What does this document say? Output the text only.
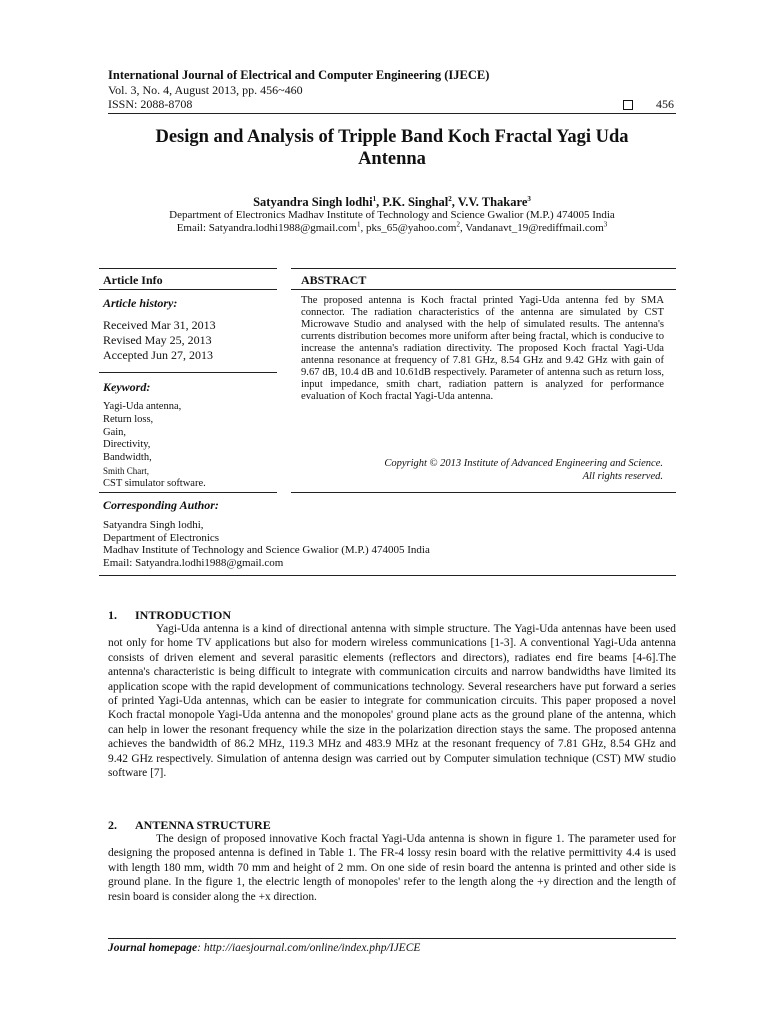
International Journal of Electrical and Computer Engineering (IJECE)
Vol. 3, No. 4, August 2013, pp. 456~460
ISSN: 2088-8708	456
Design and Analysis of Tripple Band Koch Fractal Yagi Uda
Antenna
Satyandra Singh lodhi$^1$, P.K. Singhal$^2$, V.V. Thakare$^3$
Department of Electronics Madhav Institute of Technology and Science Gwalior (M.P.) 474005 India
Email: Satyandra.lodhi1988@gmail.com$^1$, pks_65@yahoo.com$^2$, Vandanavt_19@rediffmail.com$^3$
Article Info	ABSTRACT
Article history:
Received Mar 31, 2013
Revised May 25, 2013
Accepted Jun 27, 2013
Keyword:
Yagi-Uda antenna,
Return loss,
Gain,
Directivity,
Bandwidth,
Smith Chart,
CST simulator software.
The proposed antenna is Koch fractal printed Yagi-Uda antenna fed by SMA connector. The radiation characteristics of the antenna are simulated by CST Microwave Studio and analysed with the help of simulated results. The antenna's currents distribution becomes more uniform after being fractal, which is conducive to increase the antenna's radiation directivity. The proposed Koch fractal Yagi-Uda antenna resonance at frequency of 7.81 GHz, 8.54 GHz and 9.42 GHz with gain of 9.67 dB, 10.4 dB and 10.61dB respectively. Parameter of antenna such as return loss, input impedance, smith chart, radiation pattern is analyzed for performance evaluation of Koch fractal Yagi-Uda antenna.
Copyright © 2013 Institute of Advanced Engineering and Science.
All rights reserved.
Corresponding Author:
Satyandra Singh lodhi,
Department of Electronics
Madhav Institute of Technology and Science Gwalior (M.P.) 474005 India
Email: Satyandra.lodhi1988@gmail.com
1.      INTRODUCTION
Yagi-Uda antenna is a kind of directional antenna with simple structure. The Yagi-Uda antennas have been used not only for home TV applications but also for modern wireless communications [1-3]. A conventional Yagi-Uda antenna consists of driven element and several parasitic elements (reflectors and directors), radiates end fire beams [4-6].The antenna's characteristic is being difficult to integrate with communication circuits and narrow bandwidths have limited its application scope with the rapid development of communications technology. Several researchers have put forward a series of printed Yagi-Uda antennas, which can be easier to integrate for communication circuits. This paper proposed a novel Koch fractal monopole Yagi-Uda antenna and the monopoles' ground plane acts as the ground plane of the antenna, which can help in lower the resonant frequency while the size in the polarization direction stays the same. The proposed antenna achieves the bandwidth of 86.2 MHz, 119.3 MHz and 483.9 MHz at the resonant frequency of 7.81 GHz, 8.54 GHz and 9.42 GHz respectively. Simulation of antenna design was carried out by Computer simulation technique (CST) MW studio software [7].
2.      ANTENNA STRUCTURE
The design of proposed innovative Koch fractal Yagi-Uda antenna is shown in figure 1. The parameter used for designing the proposed antenna is defined in Table 1. The FR-4 lossy resin board with the relative permittivity 4.4 is used with length 180 mm, width 70 mm and height of 2 mm. On one side of resin board the antenna is printed and other side is ground plane. In the figure 1, the electric length of monopoles' refer to the length along the +y direction and the length of resin board is consider along the +x direction.
Journal homepage: http://iaesjournal.com/online/index.php/IJECE
